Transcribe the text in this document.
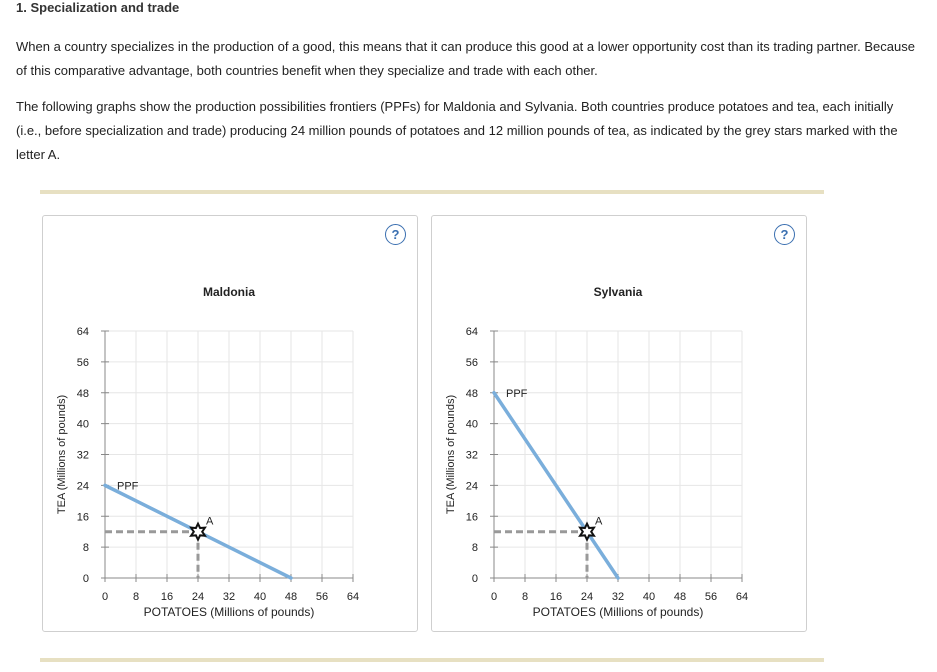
1. Specialization and trade
When a country specializes in the production of a good, this means that it can produce this good at a lower opportunity cost than its trading partner. Because of this comparative advantage, both countries benefit when they specialize and trade with each other.
The following graphs show the production possibilities frontiers (PPFs) for Maldonia and Sylvania. Both countries produce potatoes and tea, each initially (i.e., before specialization and trade) producing 24 million pounds of potatoes and 12 million pounds of tea, as indicated by the grey stars marked with the letter A.
?
0 8 16 24 32 40 48 56 64
0
8
16
24
32
40
48
56
64
Maldonia
POTATOES (Millions of pounds)
TEA (Millions of pounds)	PPF
A
?
0 8 16 24 32 40 48 56 64
0
8
16
24
32
40
48
56
64
Sylvania
POTATOES (Millions of pounds)
TEA (Millions of pounds)
PPF
A
